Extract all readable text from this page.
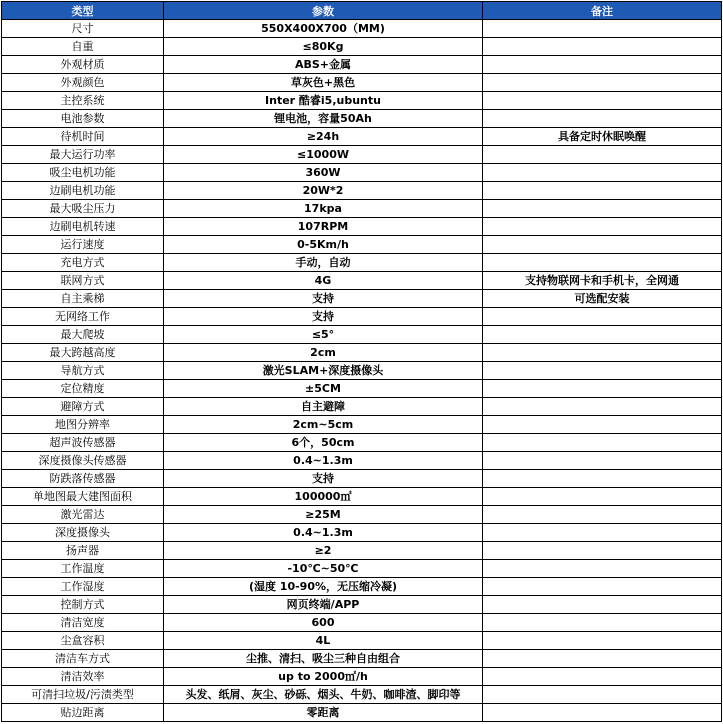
类型	参数	备注
尺寸	550X400X700（MM)	
自重	≤80Kg	
外观材质	ABS+金属	
外观颜色	草灰色+黑色	
主控系统	Inter 酷睿i5,ubuntu	
电池参数	锂电池，容量50Ah	
待机时间	≥24h	具备定时休眠唤醒
最大运行功率	≤1000W	
吸尘电机功能	360W	
边刷电机功能	20W*2	
最大吸尘压力	17kpa	
边刷电机转速	107RPM	
运行速度	0-5Km/h	
充电方式	手动，自动	
联网方式	4G	支持物联网卡和手机卡，全网通
自主乘梯	支持	可选配安装
无网络工作	支持	
最大爬坡	≤5°	
最大跨越高度	2cm	
导航方式	激光SLAM+深度摄像头	
定位精度	±5CM	
避障方式	自主避障	
地图分辨率	2cm~5cm	
超声波传感器	6个，50cm	
深度摄像头传感器	0.4~1.3m	
防跌落传感器	支持	
单地图最大建图面积	100000㎡	
激光雷达	≥25M	
深度摄像头	0.4~1.3m	
扬声器	≥2	
工作温度	-10℃~50℃	
工作湿度	(湿度 10-90%，无压缩冷凝)	
控制方式	网页终端/APP	
清洁宽度	600	
尘盒容积	4L	
清洁车方式	尘推、清扫、吸尘三种自由组合	
清洁效率	up to 2000㎡/h	
可清扫垃圾/污渍类型	头发、纸屑、灰尘、砂砾、烟头、牛奶、咖啡渣、脚印等	
贴边距离	零距离	
